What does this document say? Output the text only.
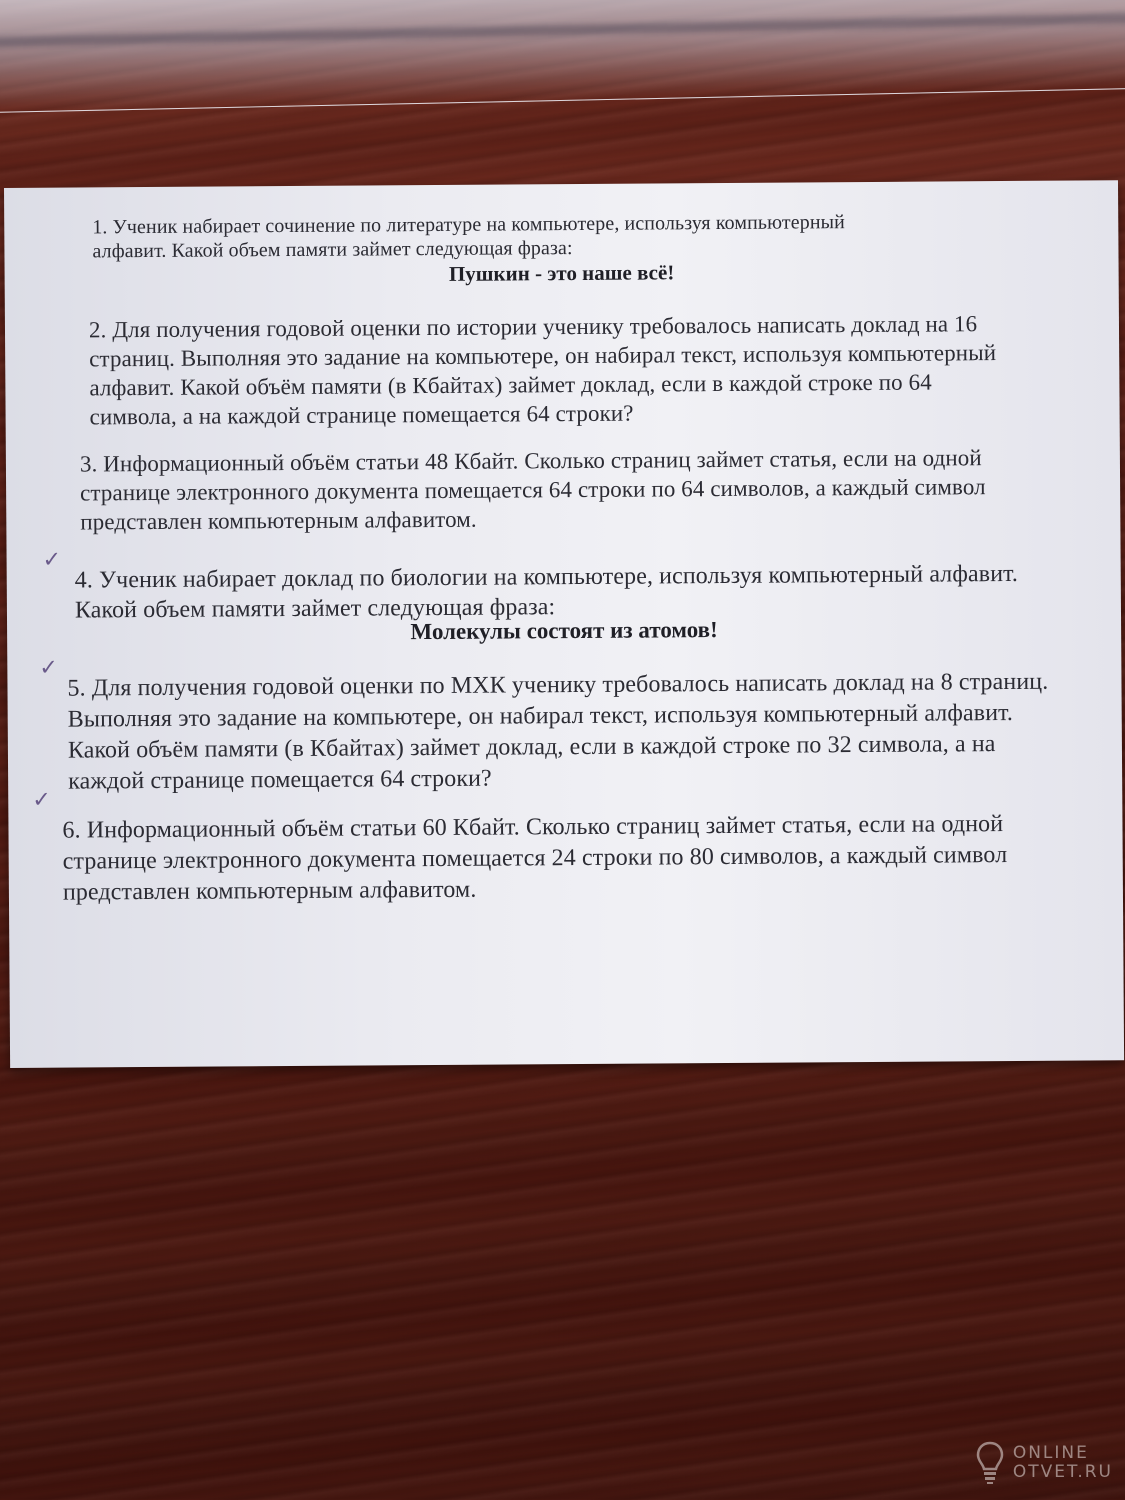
1. Ученик набирает сочинение по литературе на компьютере, используя компьютерный
алфавит. Какой объем памяти займет следующая фраза:
Пушкин - это наше всё!
2. Для получения годовой оценки по истории ученику требовалось написать доклад на 16
страниц. Выполняя это задание на компьютере, он набирал текст, используя компьютерный
алфавит. Какой объём памяти (в Кбайтах) займет доклад, если в каждой строке по 64
символа, а на каждой странице помещается 64 строки?
3. Информационный объём статьи 48 Кбайт. Сколько страниц займет статья, если на одной
странице электронного документа помещается 64 строки по 64 символов, а каждый символ
представлен компьютерным алфавитом.
✓
4. Ученик набирает доклад по биологии на компьютере, используя компьютерный алфавит.
Какой объем памяти займет следующая фраза:
Молекулы состоят из атомов!
✓
5. Для получения годовой оценки по МХК ученику требовалось написать доклад на 8 страниц.
Выполняя это задание на компьютере, он набирал текст, используя компьютерный алфавит.
Какой объём памяти (в Кбайтах) займет доклад, если в каждой строке по 32 символа, а на
каждой странице помещается 64 строки?
✓
6. Информационный объём статьи 60 Кбайт. Сколько страниц займет статья, если на одной
странице электронного документа помещается 24 строки по 80 символов, а каждый символ
представлен компьютерным алфавитом.
ONLINE
OTVET.RU
